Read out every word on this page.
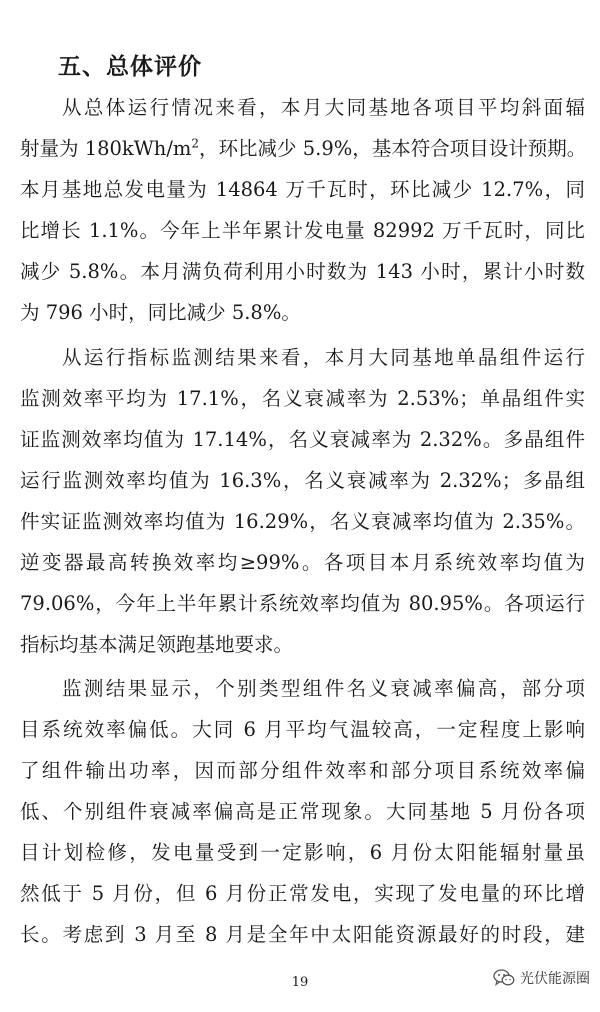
五、总体评价
从总体运行情况来看，本月大同基地各项目平均斜面辐
射量为 $180kWh/m^2$，环比减少 5.9%，基本符合项目设计预期。
本月基地总发电量为 14864 万千瓦时，环比减少 12.7%，同
比增长 1.1%。今年上半年累计发电量 82992 万千瓦时，同比
减少 5.8%。本月满负荷利用小时数为 143 小时，累计小时数
为 796 小时，同比减少 5.8%。
从运行指标监测结果来看，本月大同基地单晶组件运行
监测效率平均为 17.1%，名义衰减率为 2.53%；单晶组件实
证监测效率均值为 17.14%，名义衰减率为 2.32%。多晶组件
运行监测效率均值为 16.3%，名义衰减率为 2.32%；多晶组
件实证监测效率均值为 16.29%，名义衰减率均值为 2.35%。
逆变器最高转换效率均≥99%。各项目本月系统效率均值为
79.06%，今年上半年累计系统效率均值为 80.95%。各项运行
指标均基本满足领跑基地要求。
监测结果显示，个别类型组件名义衰减率偏高，部分项
目系统效率偏低。大同 6 月平均气温较高，一定程度上影响
了组件输出功率，因而部分组件效率和部分项目系统效率偏
低、个别组件衰减率偏高是正常现象。大同基地 5 月份各项
目计划检修，发电量受到一定影响，6 月份太阳能辐射量虽
然低于 5 月份，但 6 月份正常发电，实现了发电量的环比增
长。考虑到 3 月至 8 月是全年中太阳能资源最好的时段，建
19	光伏能源圈
